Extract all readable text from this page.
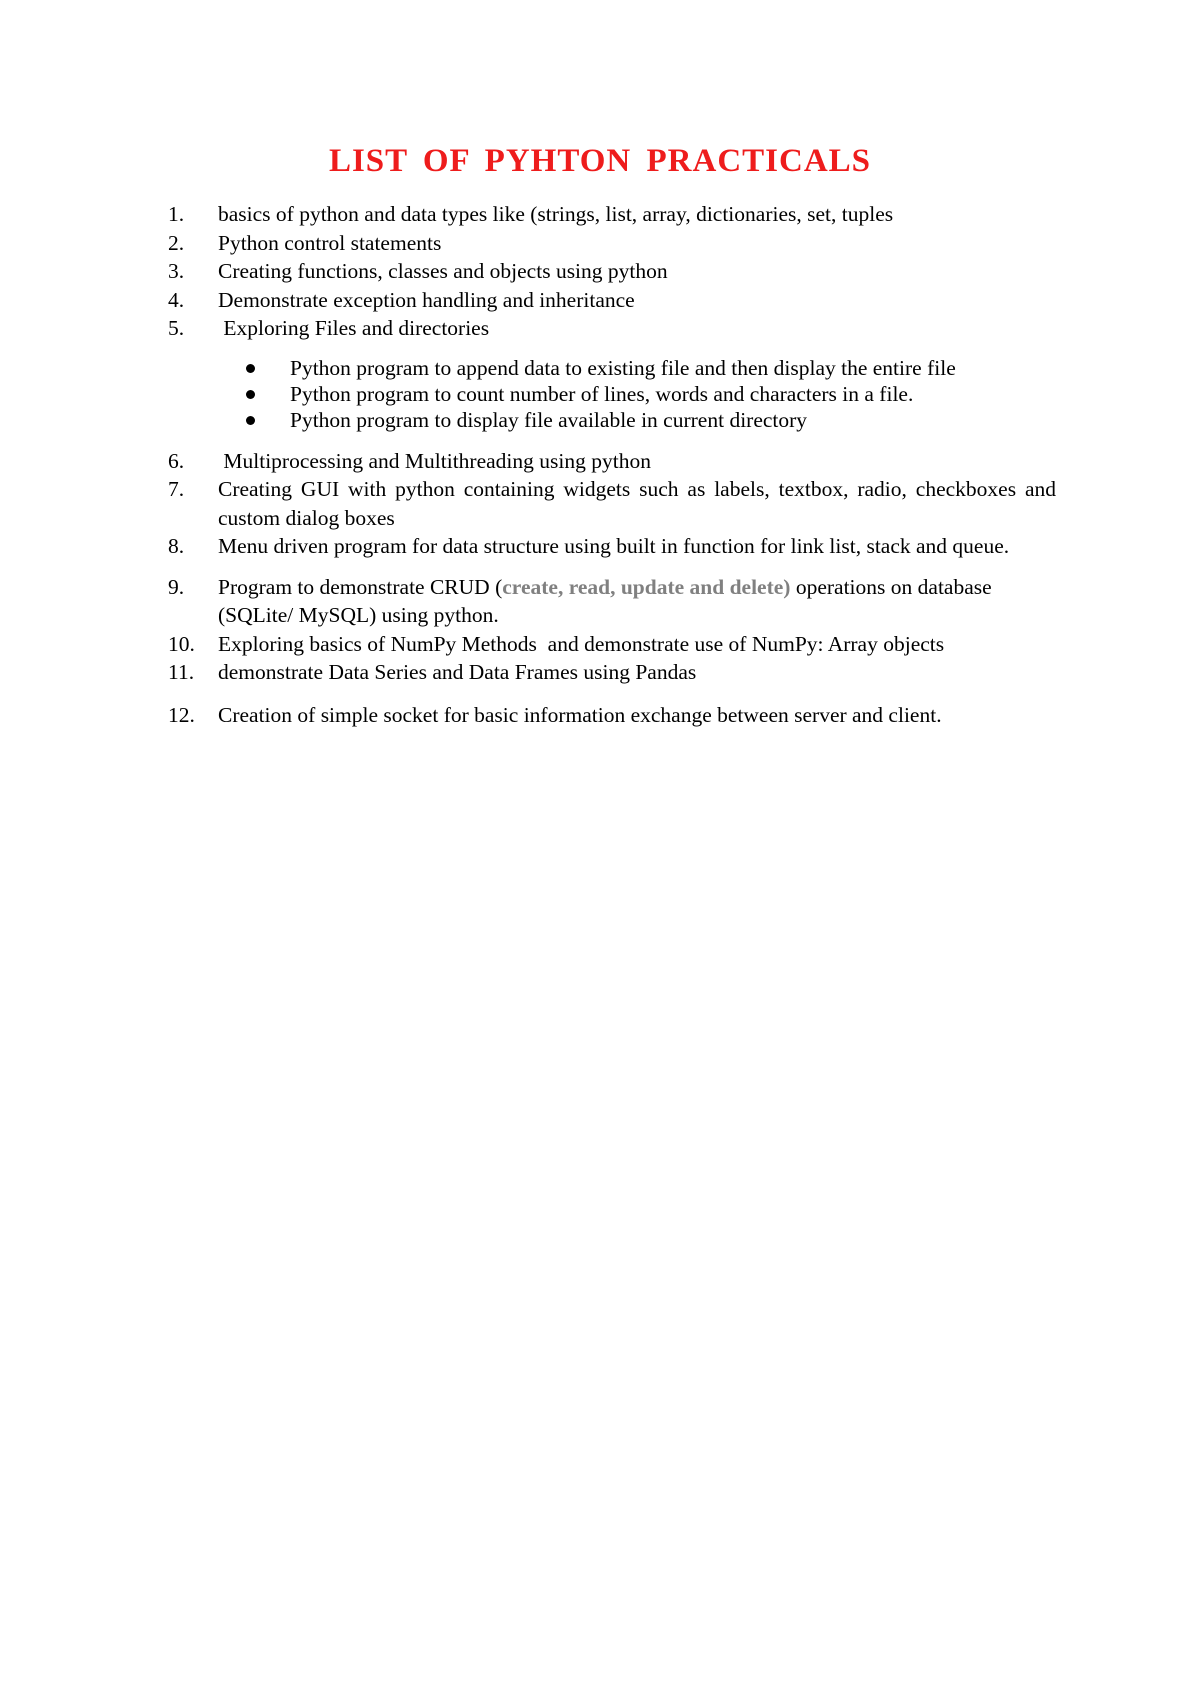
LIST OF PYHTON PRACTICALS
1. basics of python and data types like (strings, list, array, dictionaries, set, tuples
2. Python control statements
3. Creating functions, classes and objects using python
4. Demonstrate exception handling and inheritance
5. Exploring Files and directories
Python program to append data to existing file and then display the entire file
Python program to count number of lines, words and characters in a file.
Python program to display file available in current directory
6. Multiprocessing and Multithreading using python
7. Creating GUI with python containing widgets such as labels, textbox, radio, checkboxes and custom dialog boxes
8. Menu driven program for data structure using built in function for link list, stack and queue.
9. Program to demonstrate CRUD (create, read, update and delete) operations on database (SQLite/ MySQL) using python.
10. Exploring basics of NumPy Methods  and demonstrate use of NumPy: Array objects
11. demonstrate Data Series and Data Frames using Pandas
12. Creation of simple socket for basic information exchange between server and client.
